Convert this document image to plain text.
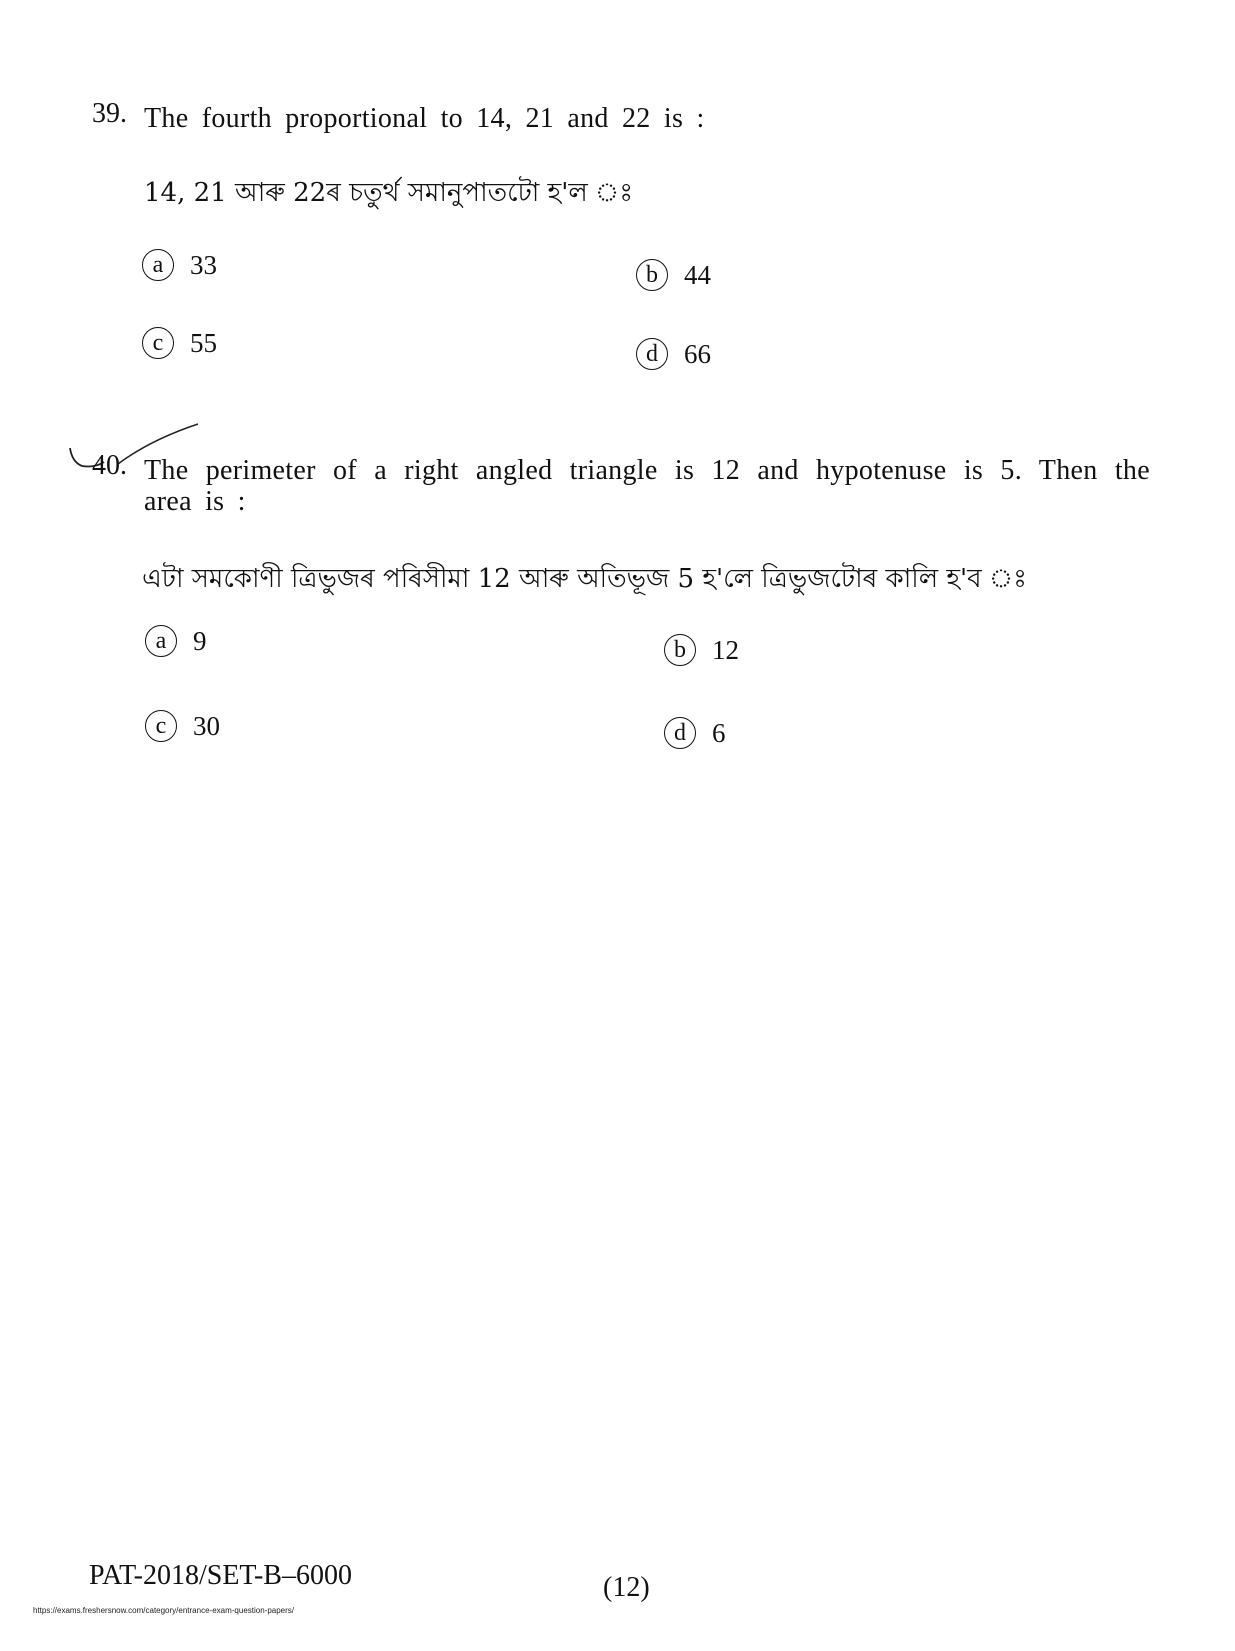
39. The fourth proportional to 14, 21 and 22 is :
14, 21 আৰু 22ৰ চতুৰ্থ সমানুপাতটো হ'ল ঃ
a 33	b 44
c 55	d 66
40. The perimeter of a right angled triangle is 12 and hypotenuse is 5. Then the
area is :
এটা সমকোণী ত্ৰিভুজৰ পৰিসীমা 12 আৰু অতিভূজ 5 হ'লে ত্ৰিভুজটোৰ কালি হ'ব ঃ
a 9	b 12
c 30	d 6
PAT-2018/SET-B–6000	(12)
https://exams.freshersnow.com/category/entrance-exam-question-papers/
